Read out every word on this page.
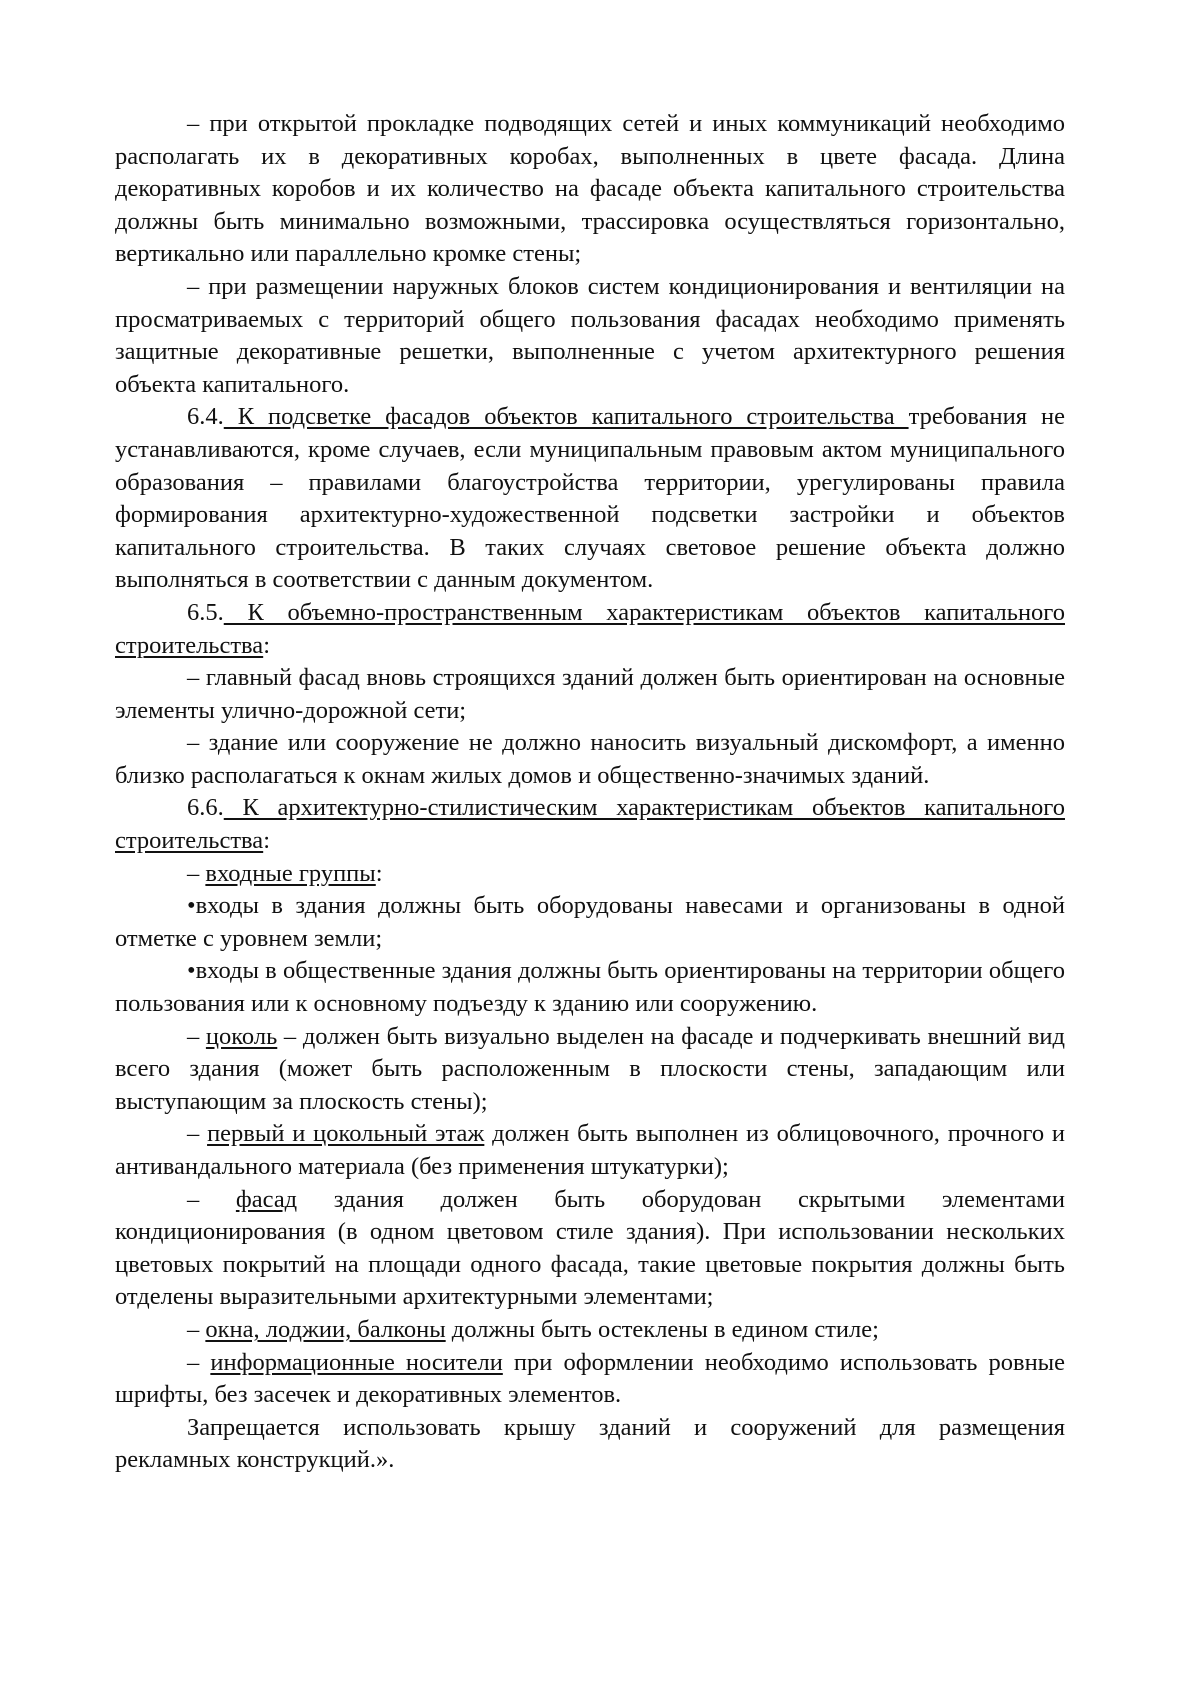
– при открытой прокладке подводящих сетей и иных коммуникаций необходимо располагать их в декоративных коробах, выполненных в цвете фасада. Длина декоративных коробов и их количество на фасаде объекта капитального строительства должны быть минимально возможными, трассировка осуществляться горизонтально, вертикально или параллельно кромке стены;

– при размещении наружных блоков систем кондиционирования и вентиляции на просматриваемых с территорий общего пользования фасадах необходимо применять защитные декоративные решетки, выполненные с учетом архитектурного решения объекта капитального.

6.4. К подсветке фасадов объектов капитального строительства требования не устанавливаются, кроме случаев, если муниципальным правовым актом муниципального образования – правилами благоустройства территории, урегулированы правила формирования архитектурно-художественной подсветки застройки и объектов капитального строительства. В таких случаях световое решение объекта должно выполняться в соответствии с данным документом.

6.5. К объемно-пространственным характеристикам объектов капитального строительства:

– главный фасад вновь строящихся зданий должен быть ориентирован на основные элементы улично-дорожной сети;

– здание или сооружение не должно наносить визуальный дискомфорт, а именно близко располагаться к окнам жилых домов и общественно-значимых зданий.

6.6. К архитектурно-стилистическим характеристикам объектов капитального строительства:

– входные группы:

•входы в здания должны быть оборудованы навесами и организованы в одной отметке с уровнем земли;

•входы в общественные здания должны быть ориентированы на территории общего пользования или к основному подъезду к зданию или сооружению.

– цоколь – должен быть визуально выделен на фасаде и подчеркивать внешний вид всего здания (может быть расположенным в плоскости стены, западающим или выступающим за плоскость стены);

– первый и цокольный этаж должен быть выполнен из облицовочного, прочного и антивандального материала (без применения штукатурки);

– фасад здания должен быть оборудован скрытыми элементами кондиционирования (в одном цветовом стиле здания). При использовании нескольких цветовых покрытий на площади одного фасада, такие цветовые покрытия должны быть отделены выразительными архитектурными элементами;

– окна, лоджии, балконы должны быть остеклены в едином стиле;

– информационные носители при оформлении необходимо использовать ровные шрифты, без засечек и декоративных элементов.

Запрещается использовать крышу зданий и сооружений для размещения рекламных конструкций.».
